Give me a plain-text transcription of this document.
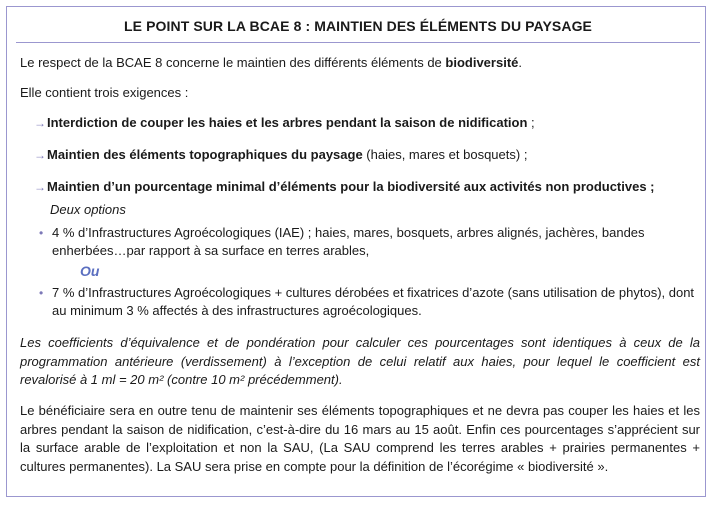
LE POINT SUR LA BCAE 8 : MAINTIEN DES ÉLÉMENTS DU PAYSAGE
Le respect de la BCAE 8 concerne le maintien des différents éléments de biodiversité.
Elle contient trois exigences :
→Interdiction de couper les haies et les arbres pendant la saison de nidification ;
→Maintien des éléments topographiques du paysage (haies, mares et bosquets) ;
→Maintien d’un pourcentage minimal d’éléments pour la biodiversité aux activités non productives ;
Deux options
• 4 % d’Infrastructures Agroécologiques (IAE) ; haies, mares, bosquets, arbres alignés, jachères, bandes enherbées…par rapport à sa surface en terres arables,
Ou
• 7 % d’Infrastructures Agroécologiques + cultures dérobées et fixatrices d’azote (sans utilisation de phytos), dont au minimum 3 % affectés à des infrastructures agroécologiques.
Les coefficients d’équivalence et de pondération pour calculer ces pourcentages sont identiques à ceux de la programmation antérieure (verdissement) à l’exception de celui relatif aux haies, pour lequel le coefficient est revalorisé à 1 ml = 20 m² (contre 10 m² précédemment).
Le bénéficiaire sera en outre tenu de maintenir ses éléments topographiques et ne devra pas couper les haies et les arbres pendant la saison de nidification, c’est-à-dire du 16 mars au 15 août. Enfin ces pourcentages s’apprécient sur la surface arable de l’exploitation et non la SAU, (La SAU comprend les terres arables + prairies permanentes + cultures permanentes). La SAU sera prise en compte pour la définition de l’écorégime « biodiversité ».
